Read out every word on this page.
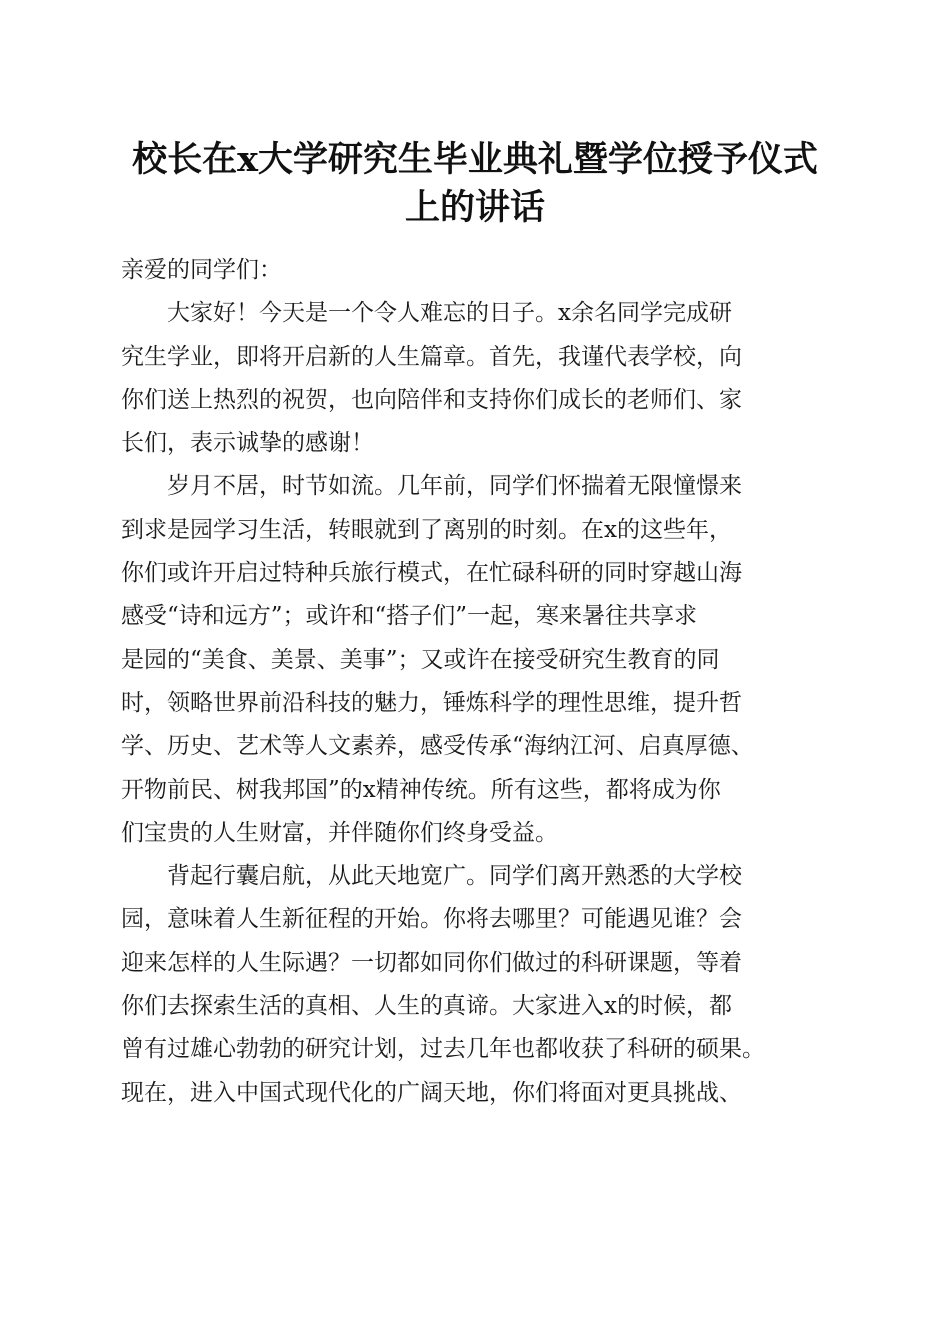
校长在x大学研究生毕业典礼暨学位授予仪式
上的讲话

亲爱的同学们：

大家好！今天是一个令人难忘的日子。x余名同学完成研
究生学业，即将开启新的人生篇章。首先，我谨代表学校，向
你们送上热烈的祝贺，也向陪伴和支持你们成长的老师们、家
长们，表示诚挚的感谢！

岁月不居，时节如流。几年前，同学们怀揣着无限憧憬来
到求是园学习生活，转眼就到了离别的时刻。在x的这些年，
你们或许开启过特种兵旅行模式，在忙碌科研的同时穿越山海
感受“诗和远方”；或许和“搭子们”一起，寒来暑往共享求
是园的“美食、美景、美事”；又或许在接受研究生教育的同
时，领略世界前沿科技的魅力，锤炼科学的理性思维，提升哲
学、历史、艺术等人文素养，感受传承“海纳江河、启真厚德、
开物前民、树我邦国”的x精神传统。所有这些，都将成为你
们宝贵的人生财富，并伴随你们终身受益。

背起行囊启航，从此天地宽广。同学们离开熟悉的大学校
园，意味着人生新征程的开始。你将去哪里？可能遇见谁？会
迎来怎样的人生际遇？一切都如同你们做过的科研课题，等着
你们去探索生活的真相、人生的真谛。大家进入x的时候，都
曾有过雄心勃勃的研究计划，过去几年也都收获了科研的硕果。
现在，进入中国式现代化的广阔天地，你们将面对更具挑战、
